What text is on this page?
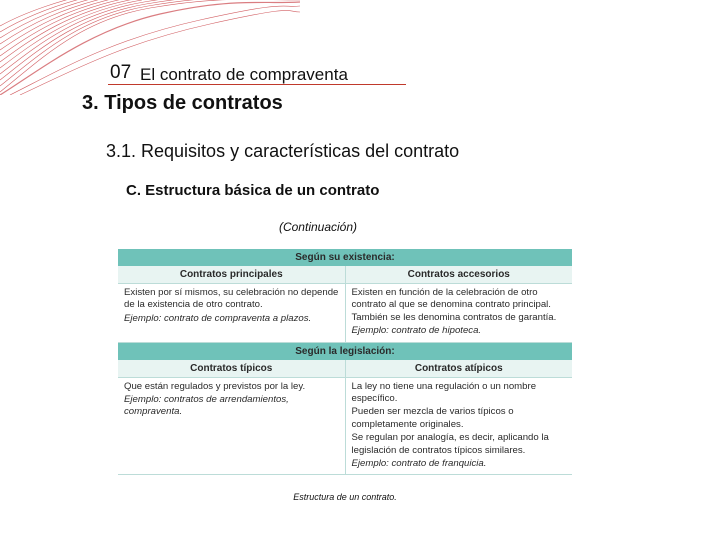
07 El contrato de compraventa
3. Tipos de contratos
3.1. Requisitos y características del contrato
C. Estructura básica de un contrato
(Continuación)
Según su existencia:
Contratos principales	Contratos accesorios

Existen por sí mismos, su celebración no depende de la existencia de otro contrato.

Ejemplo: contrato de compraventa a plazos.

Existen en función de la celebración de otro contrato al que se denomina contrato principal. También se les denomina contratos de garantía.

Ejemplo: contrato de hipoteca.

Según la legislación:
Contratos típicos	Contratos atípicos

Que están regulados y previstos por la ley.

Ejemplo: contratos de arrendamientos, compraventa.

La ley no tiene una regulación o un nombre específico.

Pueden ser mezcla de varios típicos o completamente originales.

Se regulan por analogía, es decir, aplicando la legislación de contratos típicos similares.

Ejemplo: contrato de franquicia.

Estructura de un contrato.
